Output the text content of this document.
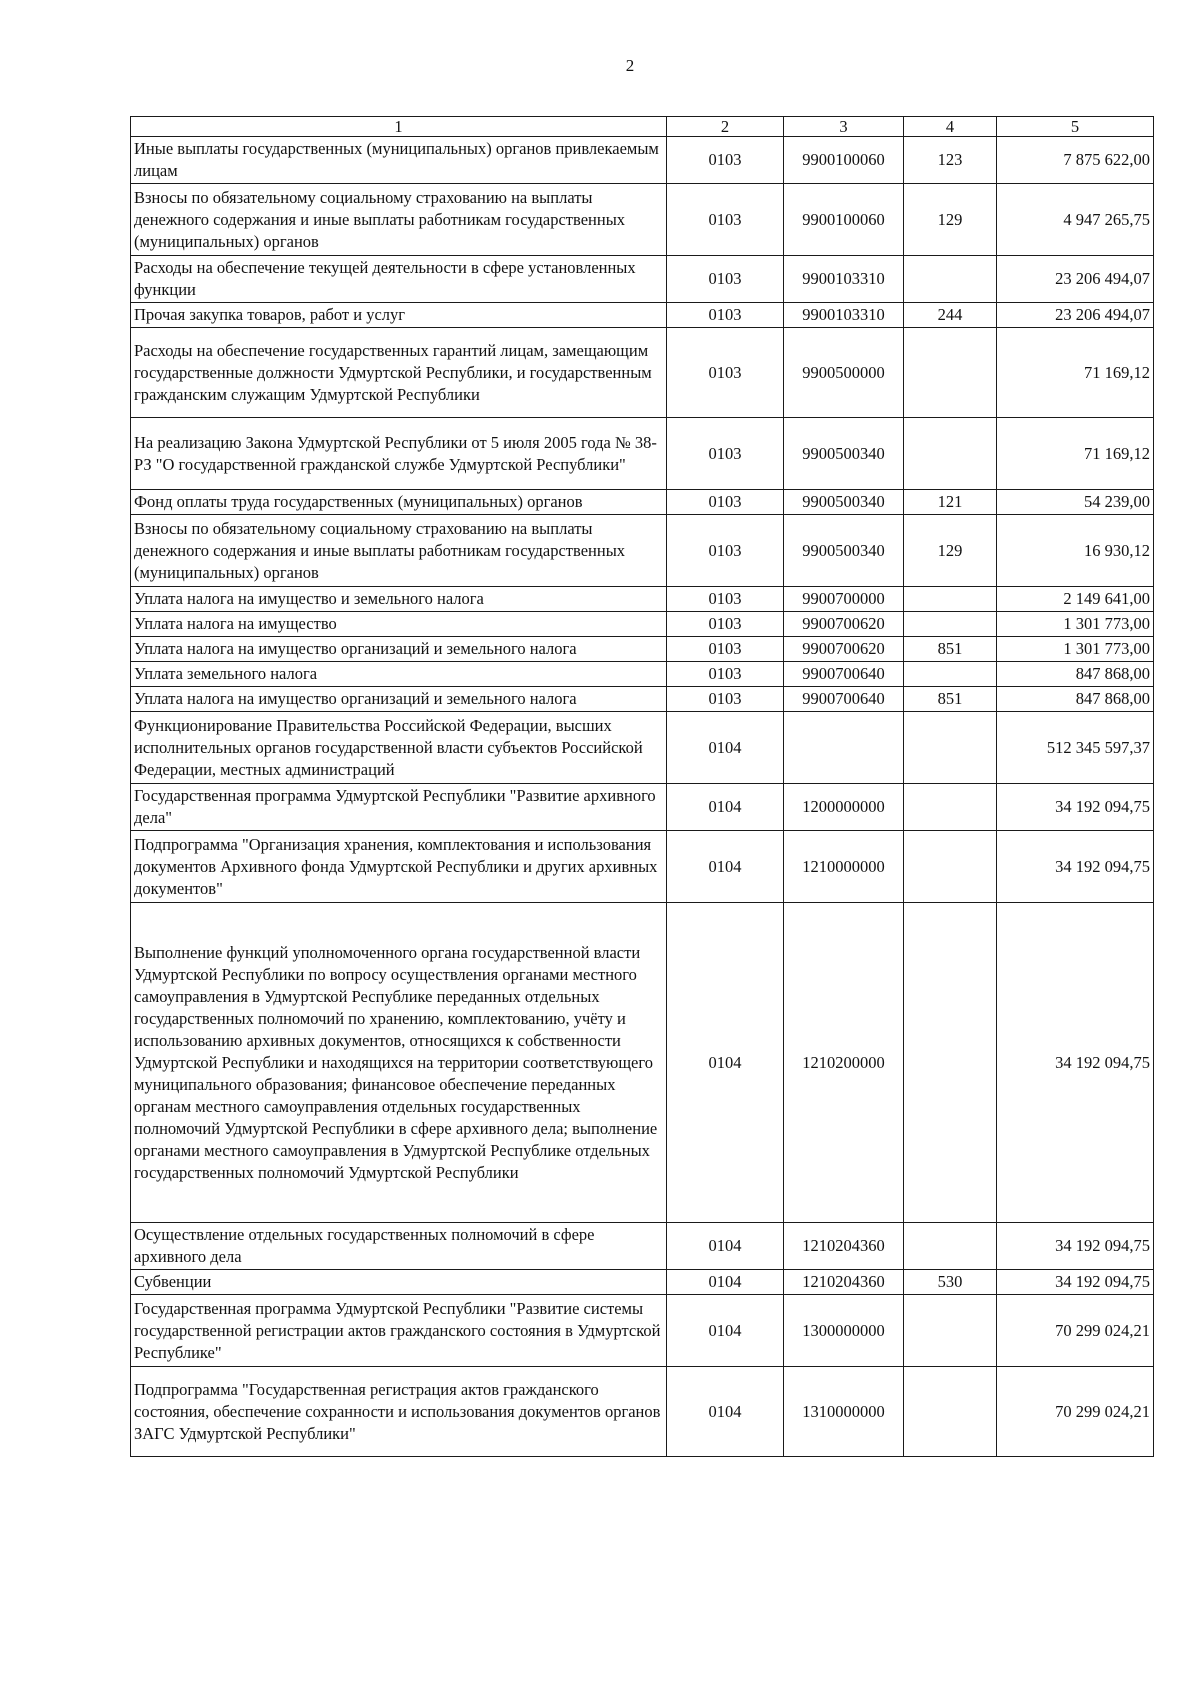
2
1	2	3	4	5
Иные выплаты государственных (муниципальных) органов привлекаемым лицам	0103	9900100060	123	7 875 622,00
Взносы по обязательному социальному страхованию на выплаты денежного содержания и иные выплаты работникам государственных (муниципальных) органов	0103	9900100060	129	4 947 265,75
Расходы на обеспечение текущей деятельности в сфере установленных функции	0103	9900103310		23 206 494,07
Прочая закупка товаров, работ и услуг	0103	9900103310	244	23 206 494,07
Расходы на обеспечение государственных гарантий лицам, замещающим государственные должности Удмуртской Республики, и государственным гражданским служащим Удмуртской Республики	0103	9900500000		71 169,12
На реализацию Закона Удмуртской Республики от 5 июля 2005 года № 38-РЗ "О государственной гражданской службе Удмуртской Республики"	0103	9900500340		71 169,12
Фонд оплаты труда государственных (муниципальных) органов	0103	9900500340	121	54 239,00
Взносы по обязательному социальному страхованию на выплаты денежного содержания и иные выплаты работникам государственных (муниципальных) органов	0103	9900500340	129	16 930,12
Уплата налога на имущество и земельного налога	0103	9900700000		2 149 641,00
Уплата налога на имущество	0103	9900700620		1 301 773,00
Уплата налога на имущество организаций и земельного налога	0103	9900700620	851	1 301 773,00
Уплата земельного налога	0103	9900700640		847 868,00
Уплата налога на имущество организаций и земельного налога	0103	9900700640	851	847 868,00
Функционирование Правительства Российской Федерации, высших исполнительных органов государственной власти субъектов Российской Федерации, местных администраций	0104			512 345 597,37
Государственная программа Удмуртской Республики "Развитие архивного дела"	0104	1200000000		34 192 094,75
Подпрограмма "Организация хранения, комплектования и использования документов Архивного фонда Удмуртской Республики и других архивных документов"	0104	1210000000		34 192 094,75
Выполнение функций уполномоченного органа государственной власти Удмуртской Республики по вопросу осуществления органами местного самоуправления в Удмуртской Республике переданных отдельных государственных полномочий по хранению, комплектованию, учёту и использованию архивных документов, относящихся к собственности Удмуртской Республики и находящихся на территории соответствующего муниципального образования; финансовое обеспечение переданных органам местного самоуправления отдельных государственных полномочий Удмуртской Республики в сфере архивного дела; выполнение органами местного самоуправления в Удмуртской Республике отдельных государственных полномочий Удмуртской Республики	0104	1210200000		34 192 094,75
Осуществление отдельных государственных полномочий в сфере архивного дела	0104	1210204360		34 192 094,75
Субвенции	0104	1210204360	530	34 192 094,75
Государственная программа Удмуртской Республики "Развитие системы государственной регистрации актов гражданского состояния в Удмуртской Республике"	0104	1300000000		70 299 024,21
Подпрограмма "Государственная регистрация актов гражданского состояния, обеспечение сохранности и использования документов органов ЗАГС Удмуртской Республики"	0104	1310000000		70 299 024,21
